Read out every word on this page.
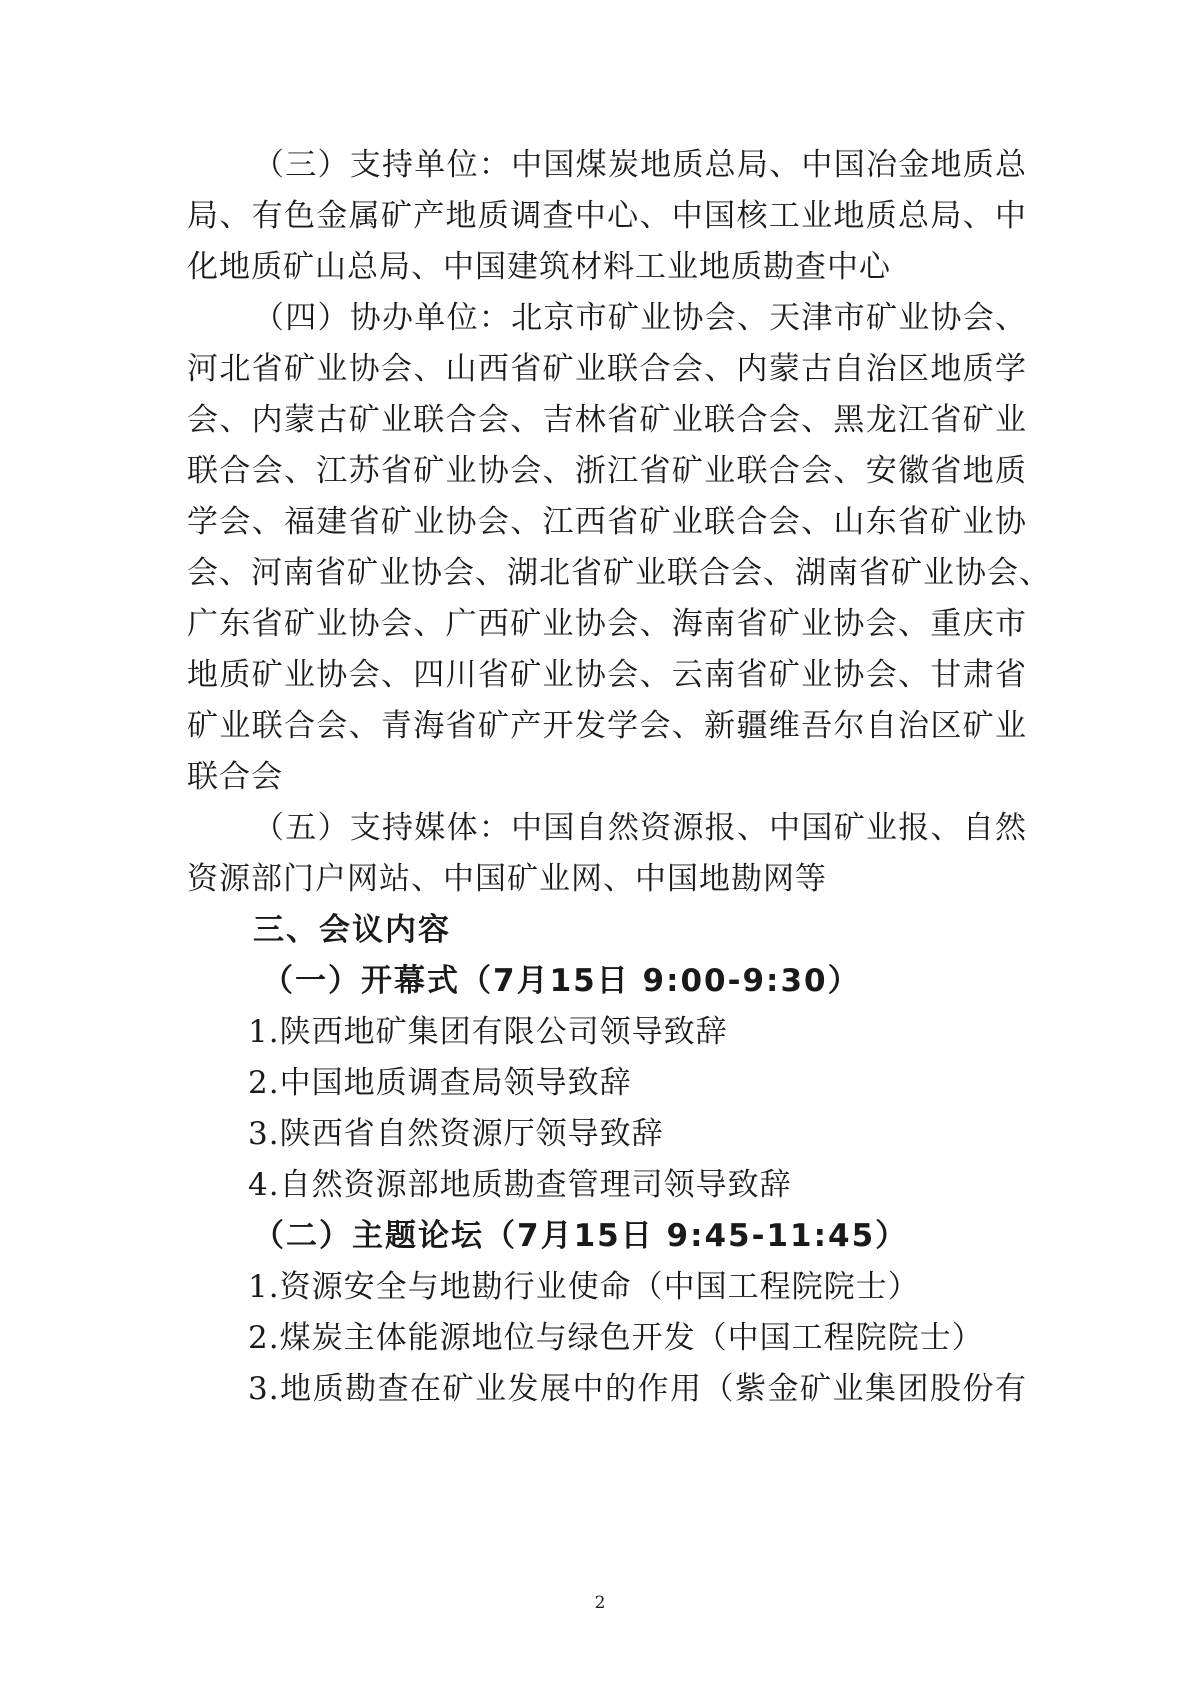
（三）支持单位：中国煤炭地质总局、中国冶金地质总
局、有色金属矿产地质调查中心、中国核工业地质总局、中
化地质矿山总局、中国建筑材料工业地质勘查中心
（四）协办单位：北京市矿业协会、天津市矿业协会、
河北省矿业协会、山西省矿业联合会、内蒙古自治区地质学
会、内蒙古矿业联合会、吉林省矿业联合会、黑龙江省矿业
联合会、江苏省矿业协会、浙江省矿业联合会、安徽省地质
学会、福建省矿业协会、江西省矿业联合会、山东省矿业协
会、河南省矿业协会、湖北省矿业联合会、湖南省矿业协会、
广东省矿业协会、广西矿业协会、海南省矿业协会、重庆市
地质矿业协会、四川省矿业协会、云南省矿业协会、甘肃省
矿业联合会、青海省矿产开发学会、新疆维吾尔自治区矿业
联合会
（五）支持媒体：中国自然资源报、中国矿业报、自然
资源部门户网站、中国矿业网、中国地勘网等
三、会议内容
（一）开幕式（7月15日 9:00-9:30）
1.陕西地矿集团有限公司领导致辞
2.中国地质调查局领导致辞
3.陕西省自然资源厅领导致辞
4.自然资源部地质勘查管理司领导致辞
（二）主题论坛（7月15日 9:45-11:45）
1.资源安全与地勘行业使命（中国工程院院士）
2.煤炭主体能源地位与绿色开发（中国工程院院士）
3.地质勘查在矿业发展中的作用（紫金矿业集团股份有
2
